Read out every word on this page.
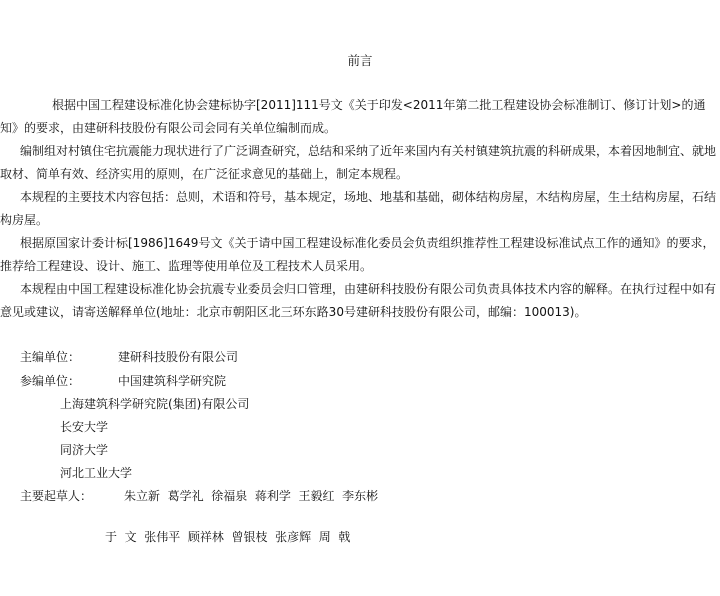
前言
根据中国工程建设标准化协会建标协字[2011]111号文《关于印发<2011年第二批工程建设协会标准制订、修订计划>的通知》的要求，由建研科技股份有限公司会同有关单位编制而成。
编制组对村镇住宅抗震能力现状进行了广泛调查研究，总结和采纳了近年来国内有关村镇建筑抗震的科研成果，本着因地制宜、就地取材、简单有效、经济实用的原则，在广泛征求意见的基础上，制定本规程。
本规程的主要技术内容包括：总则，术语和符号，基本规定，场地、地基和基础，砌体结构房屋，木结构房屋，生土结构房屋，石结构房屋。
根据原国家计委计标[1986]1649号文《关于请中国工程建设标准化委员会负责组织推荐性工程建设标准试点工作的通知》的要求，推荐给工程建设、设计、施工、监理等使用单位及工程技术人员采用。
本规程由中国工程建设标准化协会抗震专业委员会归口管理，由建研科技股份有限公司负责具体技术内容的解释。在执行过程中如有意见或建议，请寄送解释单位(地址：北京市朝阳区北三环东路30号建研科技股份有限公司，邮编：100013)。
主编单位：	建研科技股份有限公司
参编单位：	中国建筑科学研究院
上海建筑科学研究院(集团)有限公司
长安大学
同济大学
河北工业大学
主要起草人：	朱立新  葛学礼  徐福泉  蒋利学  王毅红  李东彬
于  文  张伟平  顾祥林  曾银枝  张彦辉  周  戟
